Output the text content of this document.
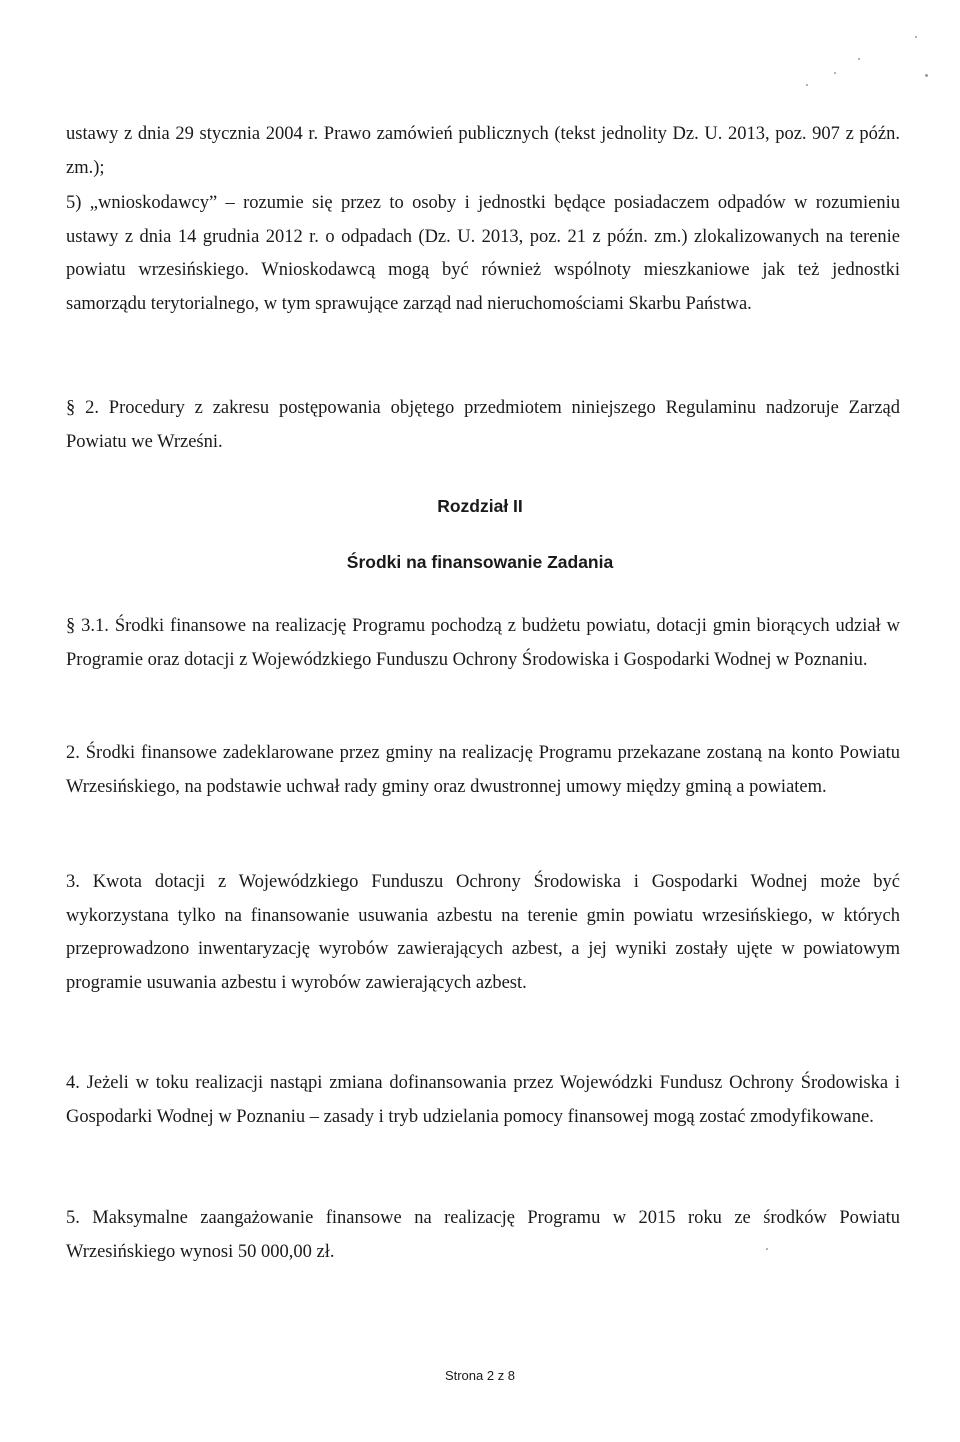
ustawy z dnia 29 stycznia 2004 r. Prawo zamówień publicznych (tekst jednolity Dz. U. 2013, poz. 907 z późn. zm.);

5) „wnioskodawcy” – rozumie się przez to osoby i jednostki będące posiadaczem odpadów w rozumieniu ustawy z dnia 14 grudnia 2012 r. o odpadach (Dz. U. 2013, poz. 21 z późn. zm.) zlokalizowanych na terenie powiatu wrzesińskiego. Wnioskodawcą mogą być również wspólnoty mieszkaniowe jak też jednostki samorządu terytorialnego, w tym sprawujące zarząd nad nieruchomościami Skarbu Państwa.

§ 2. Procedury z zakresu postępowania objętego przedmiotem niniejszego Regulaminu nadzoruje Zarząd Powiatu we Wrześni.

Rozdział II

Środki na finansowanie Zadania

§ 3.1. Środki finansowe na realizację Programu pochodzą z budżetu powiatu, dotacji gmin biorących udział w Programie oraz dotacji z Wojewódzkiego Funduszu Ochrony Środowiska i Gospodarki Wodnej w Poznaniu.

2. Środki finansowe zadeklarowane przez gminy na realizację Programu przekazane zostaną na konto Powiatu Wrzesińskiego, na podstawie uchwał rady gminy oraz dwustronnej umowy między gminą a powiatem.

3. Kwota dotacji z Wojewódzkiego Funduszu Ochrony Środowiska i Gospodarki Wodnej może być wykorzystana tylko na finansowanie usuwania azbestu na terenie gmin powiatu wrzesińskiego, w których przeprowadzono inwentaryzację wyrobów zawierających azbest, a jej wyniki zostały ujęte w powiatowym programie usuwania azbestu i wyrobów zawierających azbest.

4. Jeżeli w toku realizacji nastąpi zmiana dofinansowania przez Wojewódzki Fundusz Ochrony Środowiska i Gospodarki Wodnej w Poznaniu – zasady i tryb udzielania pomocy finansowej mogą zostać zmodyfikowane.

5. Maksymalne zaangażowanie finansowe na realizację Programu w 2015 roku ze środków Powiatu Wrzesińskiego wynosi 50 000,00 zł.

Strona 2 z 8
